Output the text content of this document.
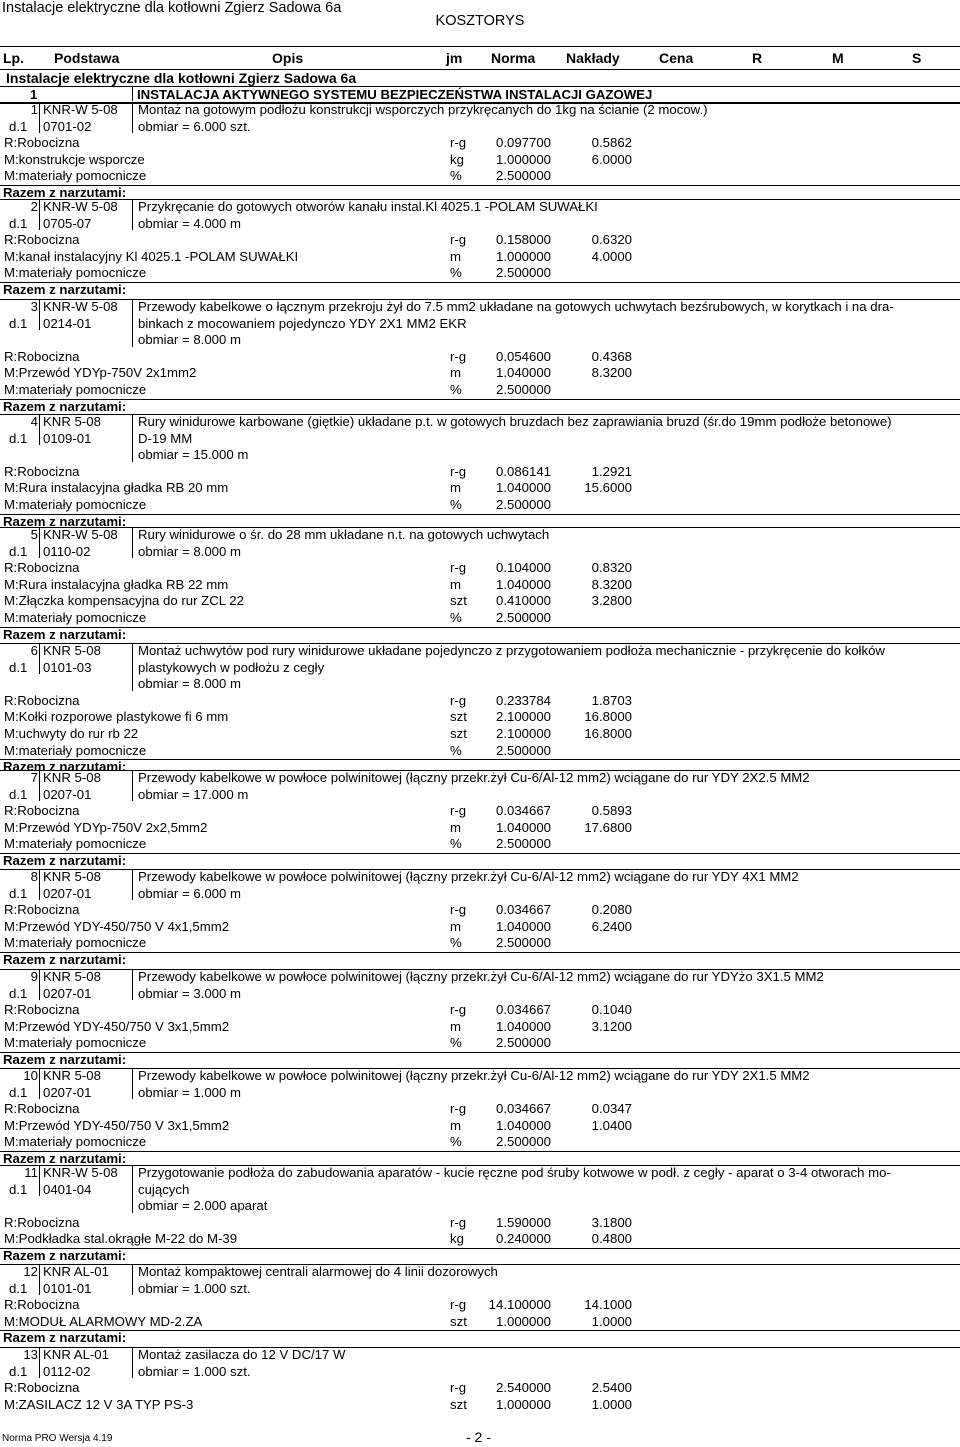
Instalacje elektryczne dla kotłowni Zgierz Sadowa 6a
KOSZTORYS
Lp. Podstawa	Opis	jm Norma Nakłady	Cena	R	M	S
Instalacje elektryczne dla kotłowni Zgierz Sadowa 6a
1	INSTALACJA AKTYWNEGO SYSTEMU BEZPIECZEŃSTWA INSTALACJI GAZOWEJ
1 KNR-W 5-08
d.1 0701-02
Montaż na gotowym podłożu konstrukcji wsporczych przykręcanych do 1kg na ścianie (2 mocow.)
obmiar = 6.000 szt.
R:Robocizna	r-g	0.097700	0.5862
M:konstrukcje wsporcze	kg	1.000000	6.0000
M:materiały pomocnicze	%	2.500000
Razem z narzutami:
2 KNR-W 5-08
d.1 0705-07
Przykręcanie do gotowych otworów kanału instal.Kl 4025.1 -POLAM SUWAŁKI
obmiar = 4.000 m
R:Robocizna	r-g	0.158000	0.6320
M:kanał instalacyjny Kl 4025.1 -POLAM SUWAŁKI	m	1.000000	4.0000
M:materiały pomocnicze	%	2.500000
Razem z narzutami:
3 KNR-W 5-08
d.1 0214-01
Przewody kabelkowe o łącznym przekroju żył do 7.5 mm2 układane na gotowych uchwytach bezśrubowych, w korytkach i na dra-
binkach z mocowaniem pojedynczo YDY 2X1 MM2 EKR
obmiar = 8.000 m
R:Robocizna	r-g	0.054600	0.4368
M:Przewód YDYp-750V 2x1mm2	m	1.040000	8.3200
M:materiały pomocnicze	%	2.500000
Razem z narzutami:
4 KNR 5-08
d.1 0109-01
Rury winidurowe karbowane (giętkie) układane p.t. w gotowych bruzdach bez zaprawiania bruzd (śr.do 19mm podłoże betonowe)
D-19 MM
obmiar = 15.000 m
R:Robocizna	r-g	0.086141	1.2921
M:Rura instalacyjna gładka RB 20 mm	m	1.040000	15.6000
M:materiały pomocnicze	%	2.500000
Razem z narzutami:
5 KNR-W 5-08
d.1 0110-02
Rury winidurowe o śr. do 28 mm układane n.t. na gotowych uchwytach
obmiar = 8.000 m
R:Robocizna	r-g	0.104000	0.8320
M:Rura instalacyjna gładka RB 22 mm	m	1.040000	8.3200
M:Złączka kompensacyjna do rur ZCL 22	szt	0.410000	3.2800
M:materiały pomocnicze	%	2.500000
Razem z narzutami:
6 KNR 5-08
d.1 0101-03
Montaż uchwytów pod rury winidurowe układane pojedynczo z przygotowaniem podłoża mechanicznie - przykręcenie do kołków
plastykowych w podłożu z cegły
obmiar = 8.000 m
R:Robocizna	r-g	0.233784	1.8703
M:Kołki rozporowe plastykowe fi 6 mm	szt	2.100000	16.8000
M:uchwyty do rur rb 22	szt	2.100000	16.8000
M:materiały pomocnicze	%	2.500000
Razem z narzutami:
7 KNR 5-08
d.1 0207-01
Przewody kabelkowe w powłoce polwinitowej (łączny przekr.żył Cu-6/Al-12 mm2) wciągane do rur YDY 2X2.5 MM2
obmiar = 17.000 m
R:Robocizna	r-g	0.034667	0.5893
M:Przewód YDYp-750V 2x2,5mm2	m	1.040000	17.6800
M:materiały pomocnicze	%	2.500000
Razem z narzutami:
8 KNR 5-08
d.1 0207-01
Przewody kabelkowe w powłoce polwinitowej (łączny przekr.żył Cu-6/Al-12 mm2) wciągane do rur YDY 4X1 MM2
obmiar = 6.000 m
R:Robocizna	r-g	0.034667	0.2080
M:Przewód YDY-450/750 V 4x1,5mm2	m	1.040000	6.2400
M:materiały pomocnicze	%	2.500000
Razem z narzutami:
9 KNR 5-08
d.1 0207-01
Przewody kabelkowe w powłoce polwinitowej (łączny przekr.żył Cu-6/Al-12 mm2) wciągane do rur YDYżo 3X1.5 MM2
obmiar = 3.000 m
R:Robocizna	r-g	0.034667	0.1040
M:Przewód YDY-450/750 V 3x1,5mm2	m	1.040000	3.1200
M:materiały pomocnicze	%	2.500000
Razem z narzutami:
10 KNR 5-08
d.1 0207-01
Przewody kabelkowe w powłoce polwinitowej (łączny przekr.żył Cu-6/Al-12 mm2) wciągane do rur YDY 2X1.5 MM2
obmiar = 1.000 m
R:Robocizna	r-g	0.034667	0.0347
M:Przewód YDY-450/750 V 3x1,5mm2	m	1.040000	1.0400
M:materiały pomocnicze	%	2.500000
Razem z narzutami:
11 KNR-W 5-08
d.1 0401-04
Przygotowanie podłoża do zabudowania aparatów - kucie ręczne pod śruby kotwowe w podł. z cegły - aparat o 3-4 otworach mo-
cujących
obmiar = 2.000 aparat
R:Robocizna	r-g	1.590000	3.1800
M:Podkładka stal.okrągłe M-22 do M-39	kg	0.240000	0.4800
Razem z narzutami:
12 KNR AL-01
d.1 0101-01
Montaż kompaktowej centrali alarmowej do 4 linii dozorowych
obmiar = 1.000 szt.
R:Robocizna	r-g	14.100000	14.1000
M:MODUŁ ALARMOWY MD-2.ZA	szt	1.000000	1.0000
Razem z narzutami:
13 KNR AL-01
d.1 0112-02
Montaż zasilacza do 12 V DC/17 W
obmiar = 1.000 szt.
R:Robocizna	r-g	2.540000	2.5400
M:ZASILACZ 12 V 3A TYP PS-3	szt	1.000000	1.0000
Norma PRO Wersja 4.19	- 2 -
